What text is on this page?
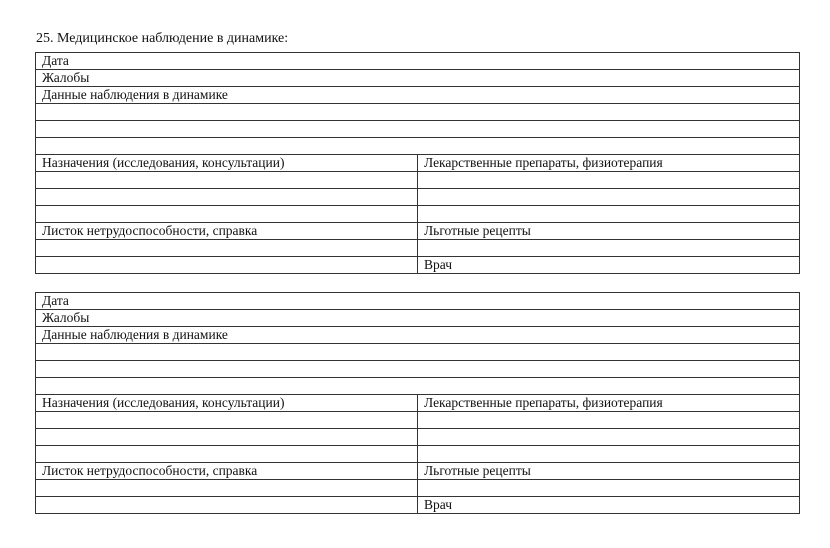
25. Медицинское наблюдение в динамике:
Дата	
Жалобы	
Данные наблюдения в динамике	

Назначения (исследования, консультации)	Лекарственные препараты, физиотерапия

Листок нетрудоспособности, справка	Льготные рецепты

	Врач
Дата	
Жалобы	
Данные наблюдения в динамике	

Назначения (исследования, консультации)	Лекарственные препараты, физиотерапия

Листок нетрудоспособности, справка	Льготные рецепты

	Врач
